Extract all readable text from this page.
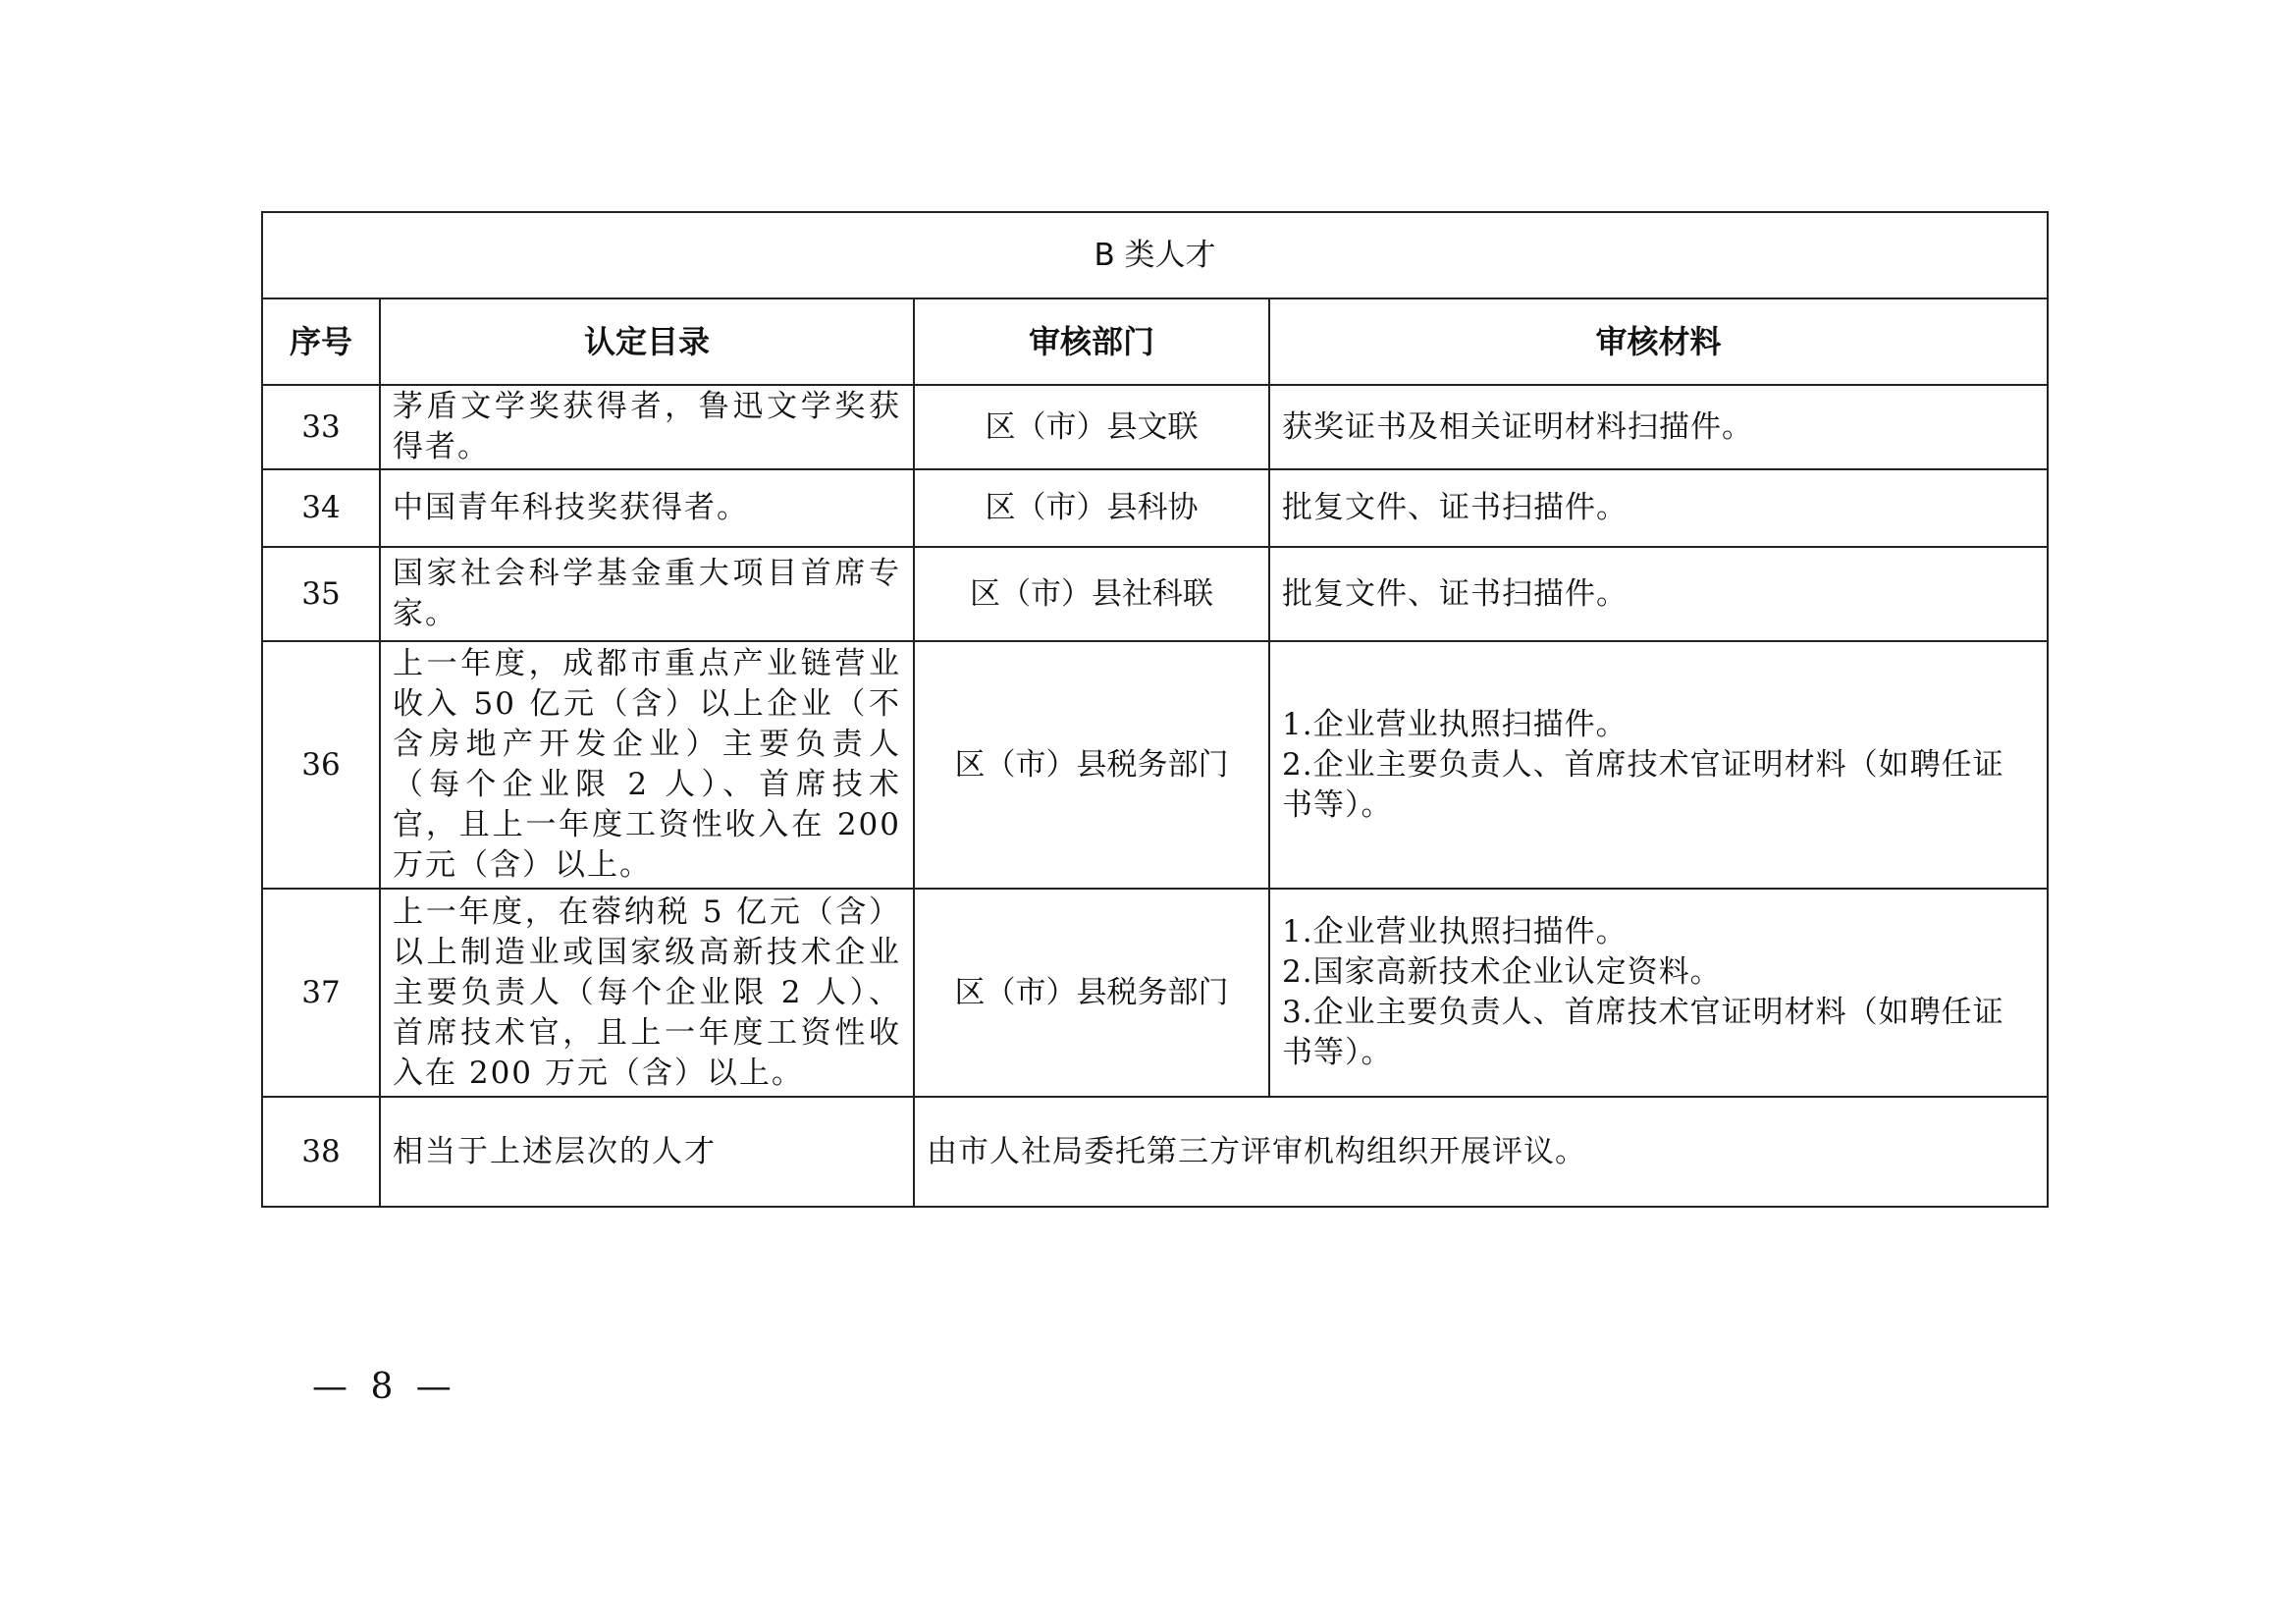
B 类人才			
序号	认定目录	审核部门	审核材料
33	茅盾文学奖获得者，鲁迅文学奖获得者。	区（市）县文联	获奖证书及相关证明材料扫描件。

34	中国青年科技奖获得者。	区（市）县科协	批复文件、证书扫描件。

35	国家社会科学基金重大项目首席专家。	区（市）县社科联	批复文件、证书扫描件。

36	上一年度，成都市重点产业链营业收入 50 亿元（含）以上企业（不含房地产开发企业）主要负责人（每个企业限 2 人）、首席技术官，且上一年度工资性收入在 200 万元（含）以上。	区（市）县税务部门	1.企业营业执照扫描件。
2.企业主要负责人、首席技术官证明材料（如聘任证书等）。

37	上一年度，在蓉纳税 5 亿元（含）以上制造业或国家级高新技术企业主要负责人（每个企业限 2 人）、首席技术官，且上一年度工资性收入在 200 万元（含）以上。	区（市）县税务部门	1.企业营业执照扫描件。
2.国家高新技术企业认定资料。
3.企业主要负责人、首席技术官证明材料（如聘任证书等）。

38	相当于上述层次的人才	由市人社局委托第三方评审机构组织开展评议。	
— 8 —
